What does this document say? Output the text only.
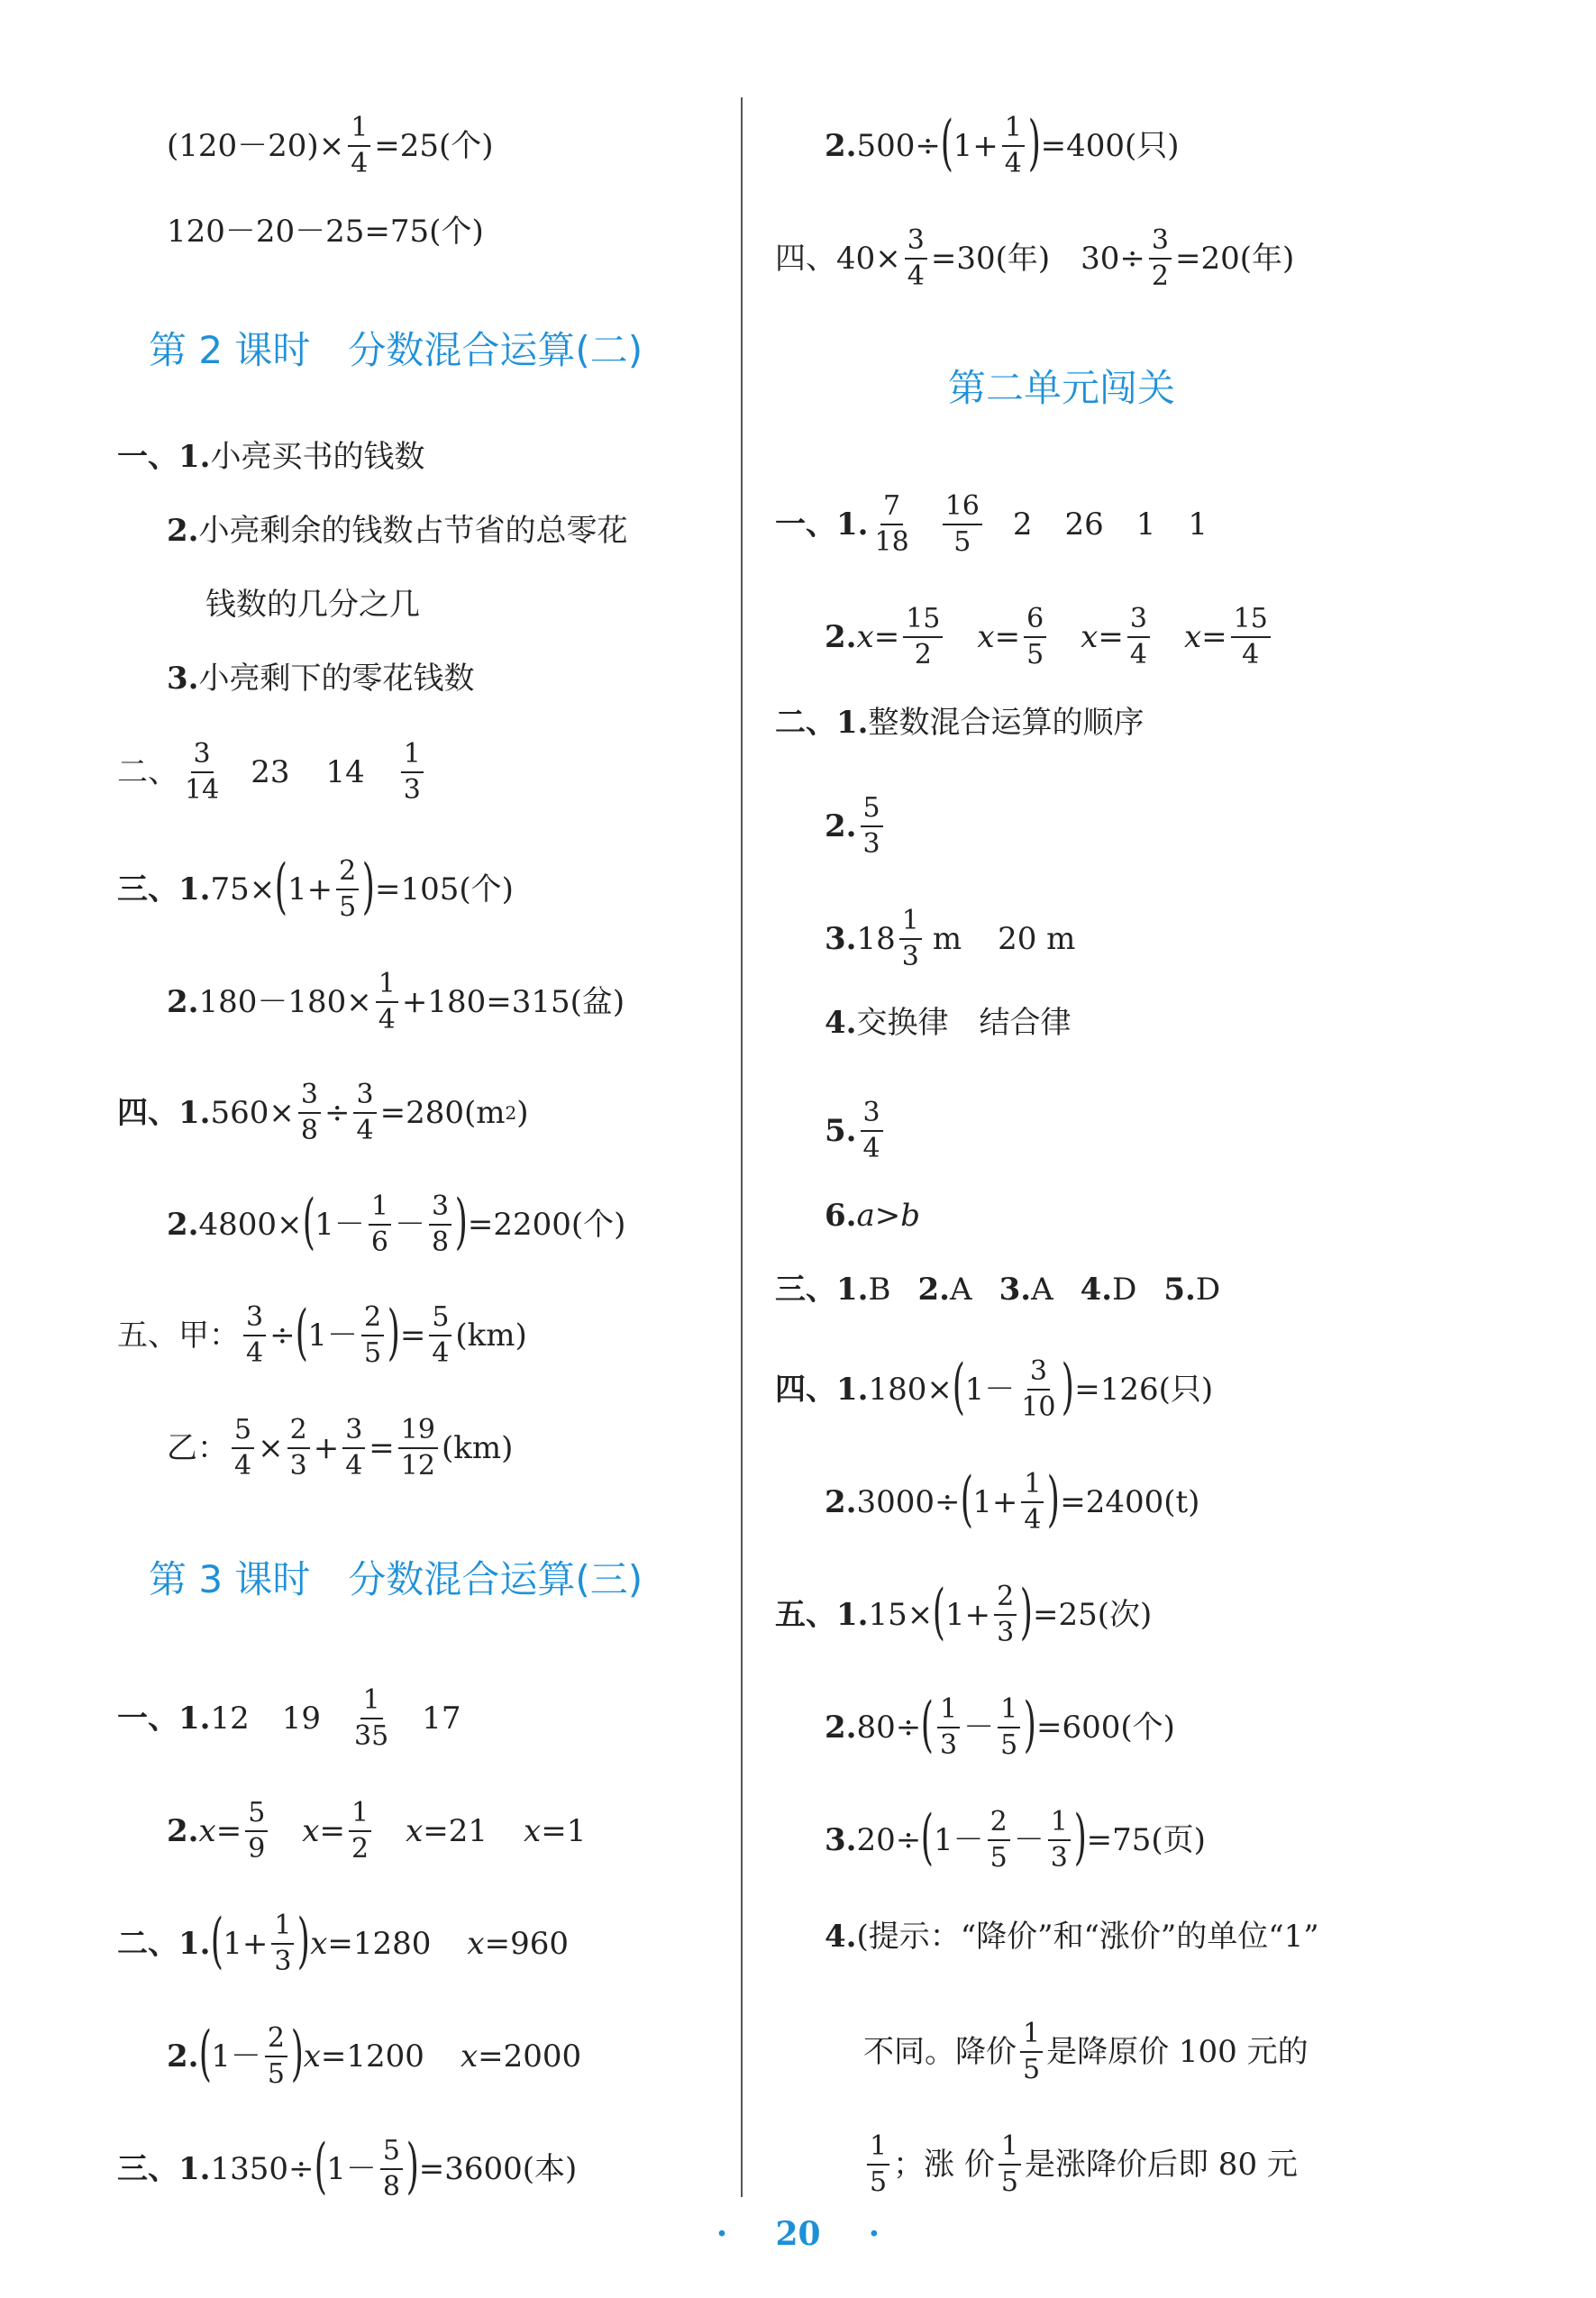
$(120-20)\times \frac{1}{4} =25$(个)
120－20－25=75(个)
第 2 课时　分数混合运算(二)
一、1. 小亮买书的钱数
2. 小亮剩余的钱数占节省的总零花
钱数的几分之几
3. 小亮剩下的零花钱数
二、 $\frac{3}{14} 23$ $14 \frac{1}{3}$
三、1. 75× ( $1+ \frac{2}{5}$ ) =105(个)
2. $180-180\times \frac{1}{4} +180=315$(盆)
四、1. $560\times \frac{3}{8} \div \frac{3}{4} =280(m$ 2 )
2. 4800× ( $1- \frac{1}{6} - \frac{3}{8}$ ) =2200(个)
五、甲： $\frac{3}{4}$ ÷ ( $1- \frac{2}{5}$ ) = $\frac{5}{4} (km)$
乙： $\frac{5}{4} \times \frac{2}{3} + \frac{3}{4} = \frac{19}{12} (km)$
第 3 课时　分数混合运算(三)
一、1. 12 $19 \frac{1}{35} 17$
2. $x = \frac{5}{9}$ $x = \frac{1}{2}$ x =21 x =1
二、1. ( $1+ \frac{1}{3}$ ) x =1280 x =960
2. ( $1- \frac{2}{5}$ ) x =1200 x =2000
三、1. 1350÷ ( $1- \frac{5}{8}$ ) =3600(本)
2. 500÷ ( $1+ \frac{1}{4}$ ) =400(只)
四、 $40\times \frac{3}{4} =30$(年) $30\div \frac{3}{2} =20$(年)
第二单元闯关
一、1. $\frac{7}{18} \frac{16}{5} 2$ 26 1 1
2. $x = \frac{15}{2}$ $x = \frac{6}{5}$ $x = \frac{3}{4}$ $x = \frac{15}{4}$
二、1. 整数混合运算的顺序
2. $\frac{5}{3}$
3. $18 \frac{1}{3}$ m 20 m
4. 交换律　结合律
5. $\frac{3}{4}$
6. a > b
三、1. B 2. A 3. A 4. D 5. D
四、1. 180× ( $1- \frac{3}{10}$ ) =126(只)
2. 3000÷ ( $1+ \frac{1}{4}$ ) =2400(t)
五、1. 15× ( $1+ \frac{2}{3}$ ) =25(次)
2. 80÷ ( $\frac{1}{3} - \frac{1}{5}$ ) =600(个)
3. 20÷ ( $1- \frac{2}{5} - \frac{1}{3}$ ) =75(页)
4. (提示：“降价”和“涨价”的单位“1”
不同。降价 $\frac{1}{5}$ 是降原价 100 元的
$\frac{1}{5}$ ；涨 价 $\frac{1}{5}$ 是涨降价后即 80 元
· 20 ·
